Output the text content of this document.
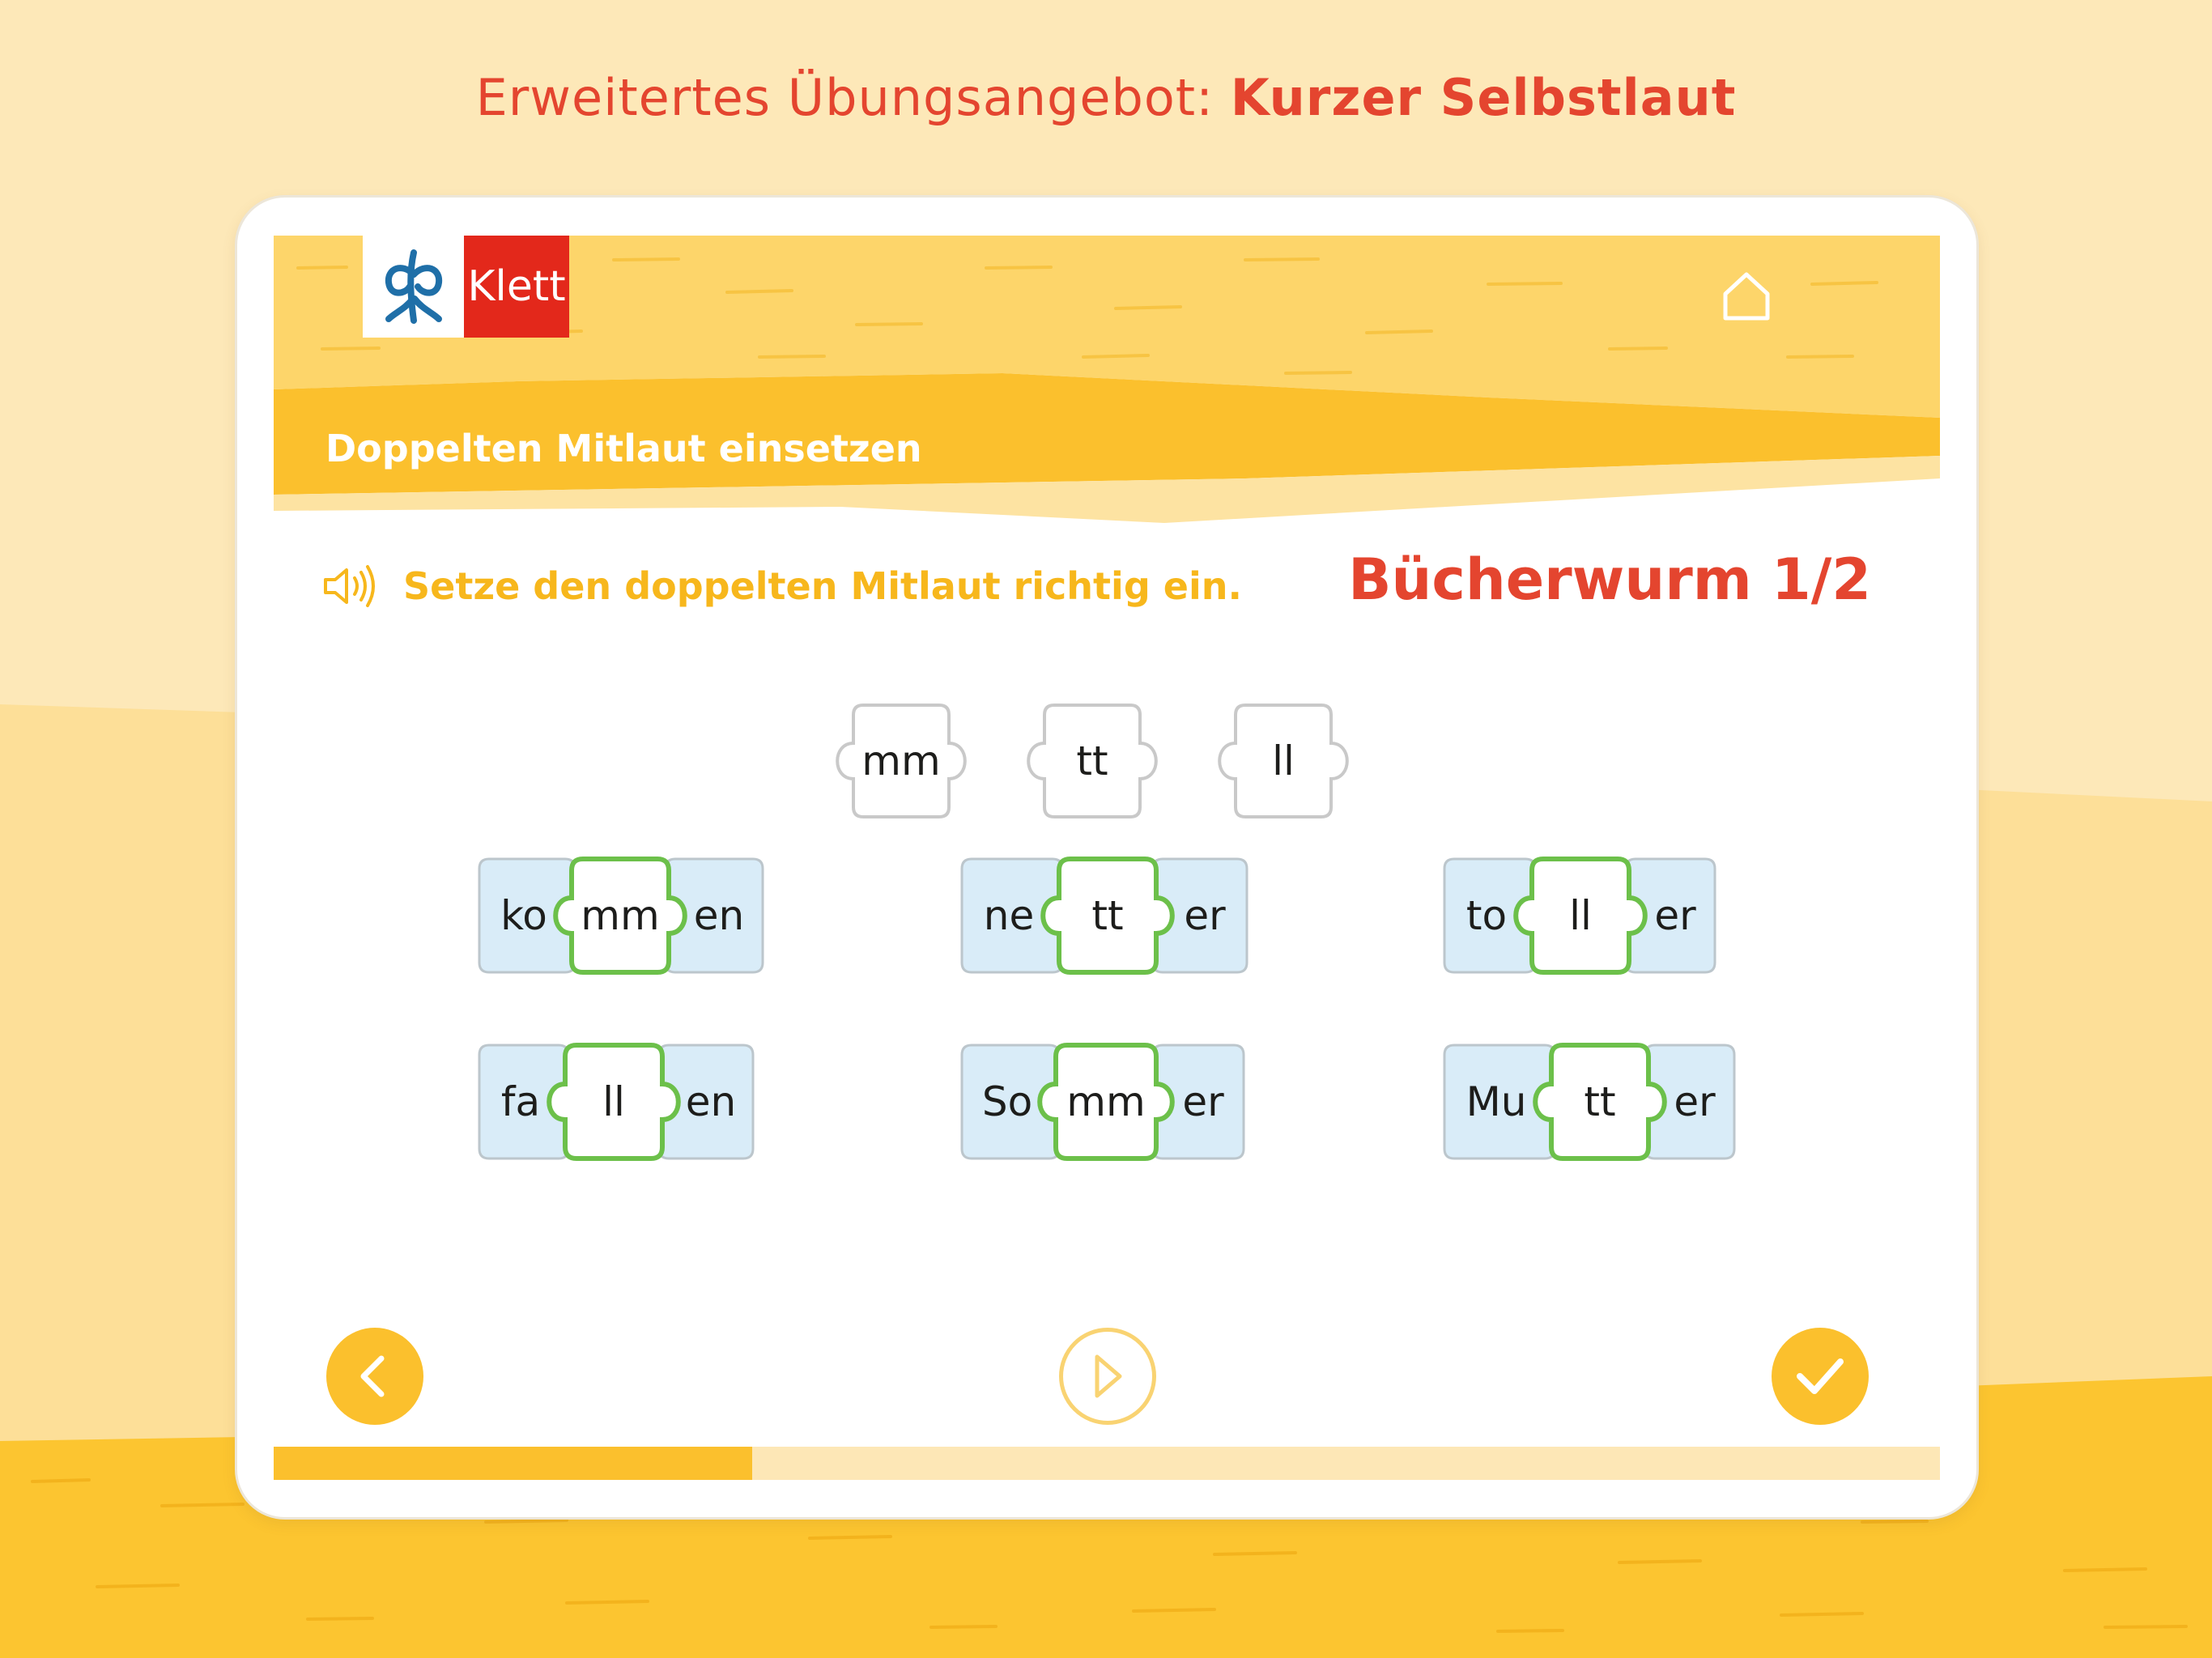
Erweitertes Übungsangebot: Kurzer Selbstlaut
Klett
Doppelten Mitlaut einsetzen
Setze den doppelten Mitlaut richtig ein. Bücherwurm 1/2
mm	tt	ll
ko mm en	ne tt er	to ll er
fa ll en	So mm er	Mu tt er
